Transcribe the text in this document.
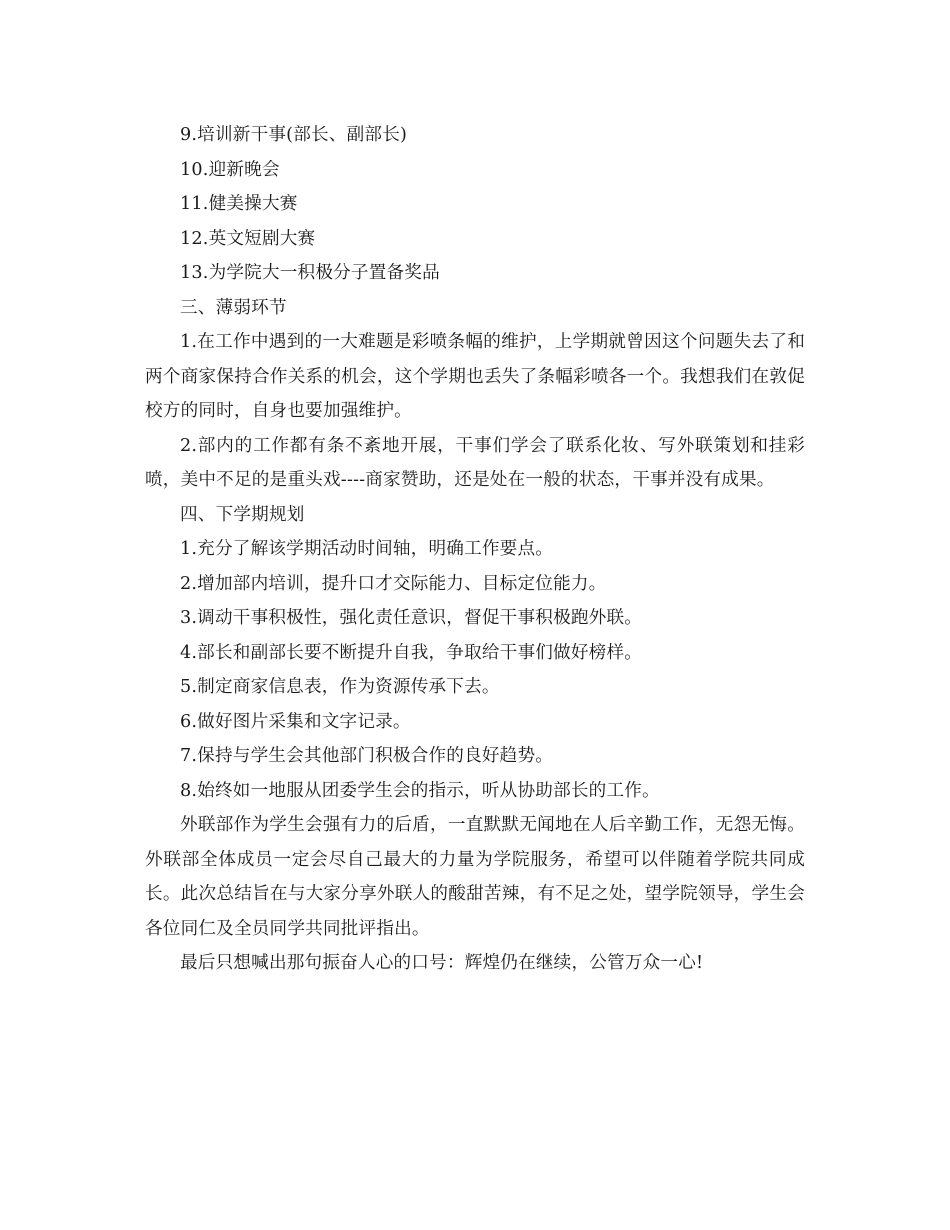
9.培训新干事(部长、副部长)

10.迎新晚会

11.健美操大赛

12.英文短剧大赛

13.为学院大一积极分子置备奖品

三、薄弱环节

1.在工作中遇到的一大难题是彩喷条幅的维护，上学期就曾因这个问题失去了和两个商家保持合作关系的机会，这个学期也丢失了条幅彩喷各一个。我想我们在敦促校方的同时，自身也要加强维护。

2.部内的工作都有条不紊地开展，干事们学会了联系化妆、写外联策划和挂彩喷，美中不足的是重头戏----商家赞助，还是处在一般的状态，干事并没有成果。

四、下学期规划

1.充分了解该学期活动时间轴，明确工作要点。

2.增加部内培训，提升口才交际能力、目标定位能力。

3.调动干事积极性，强化责任意识，督促干事积极跑外联。

4.部长和副部长要不断提升自我，争取给干事们做好榜样。

5.制定商家信息表，作为资源传承下去。

6.做好图片采集和文字记录。

7.保持与学生会其他部门积极合作的良好趋势。

8.始终如一地服从团委学生会的指示，听从协助部长的工作。

外联部作为学生会强有力的后盾，一直默默无闻地在人后辛勤工作，无怨无悔。外联部全体成员一定会尽自己最大的力量为学院服务，希望可以伴随着学院共同成长。此次总结旨在与大家分享外联人的酸甜苦辣，有不足之处，望学院领导，学生会各位同仁及全员同学共同批评指出。

最后只想喊出那句振奋人心的口号：辉煌仍在继续，公管万众一心!
